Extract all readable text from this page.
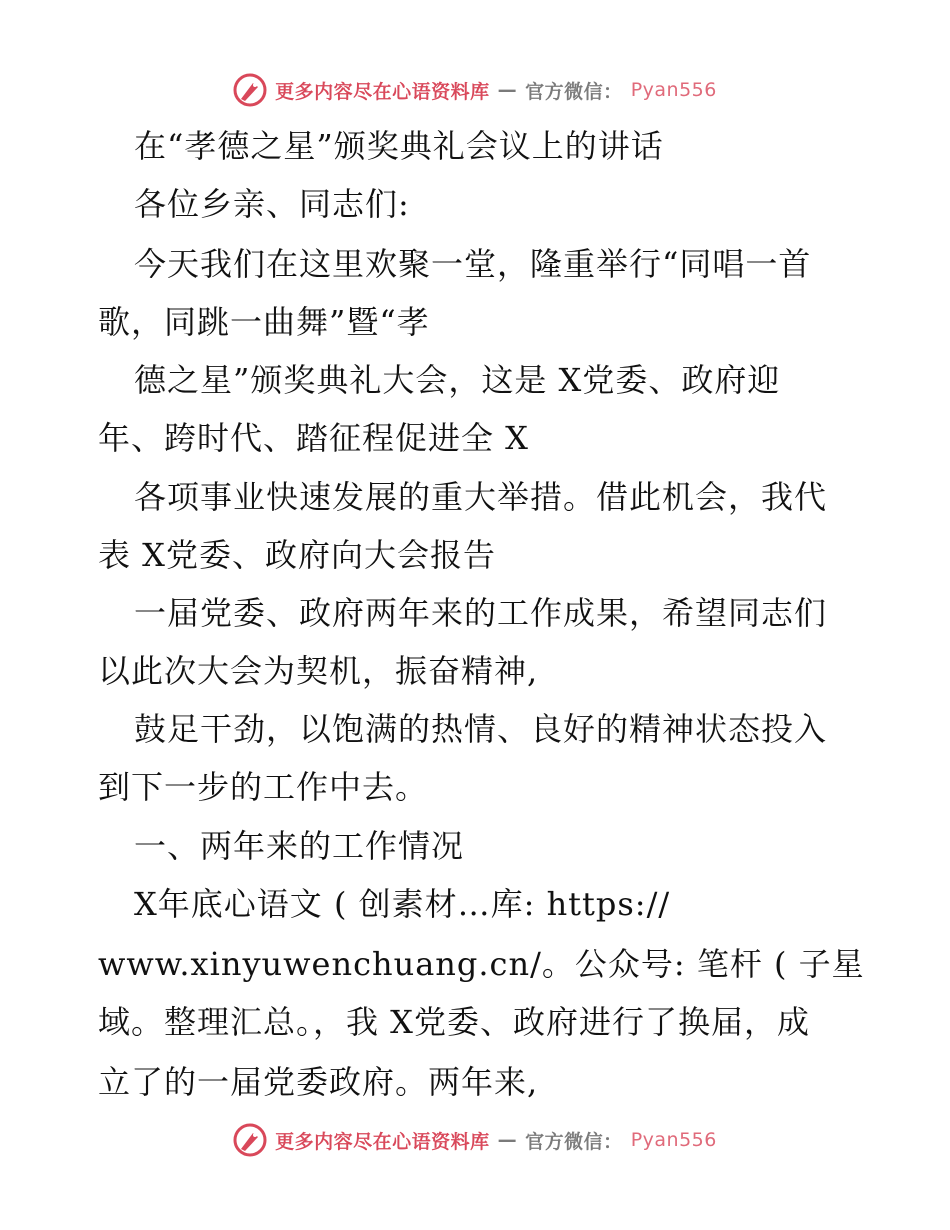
更多内容尽在心语资料库 — 官方微信： Pyan556
在“孝德之星”颁奖典礼会议上的讲话
各位乡亲、同志们:
今天我们在这里欢聚一堂，隆重举行“同唱一首
歌，同跳一曲舞”暨“孝
德之星”颁奖典礼大会，这是 X党委、政府迎
年、跨时代、踏征程促进全 X
各项事业快速发展的重大举措。借此机会，我代
表 X党委、政府向大会报告
一届党委、政府两年来的工作成果，希望同志们
以此次大会为契机，振奋精神,
鼓足干劲，以饱满的热情、良好的精神状态投入
到下一步的工作中去。
一、两年来的工作情况
X年底心语文 ( 创素材…库: https://
www.xinyuwenchuang.cn/。公众号: 笔杆 ( 子星
域。整理汇总。，我 X党委、政府进行了换届，成
立了的一届党委政府。两年来,
更多内容尽在心语资料库 — 官方微信： Pyan556
